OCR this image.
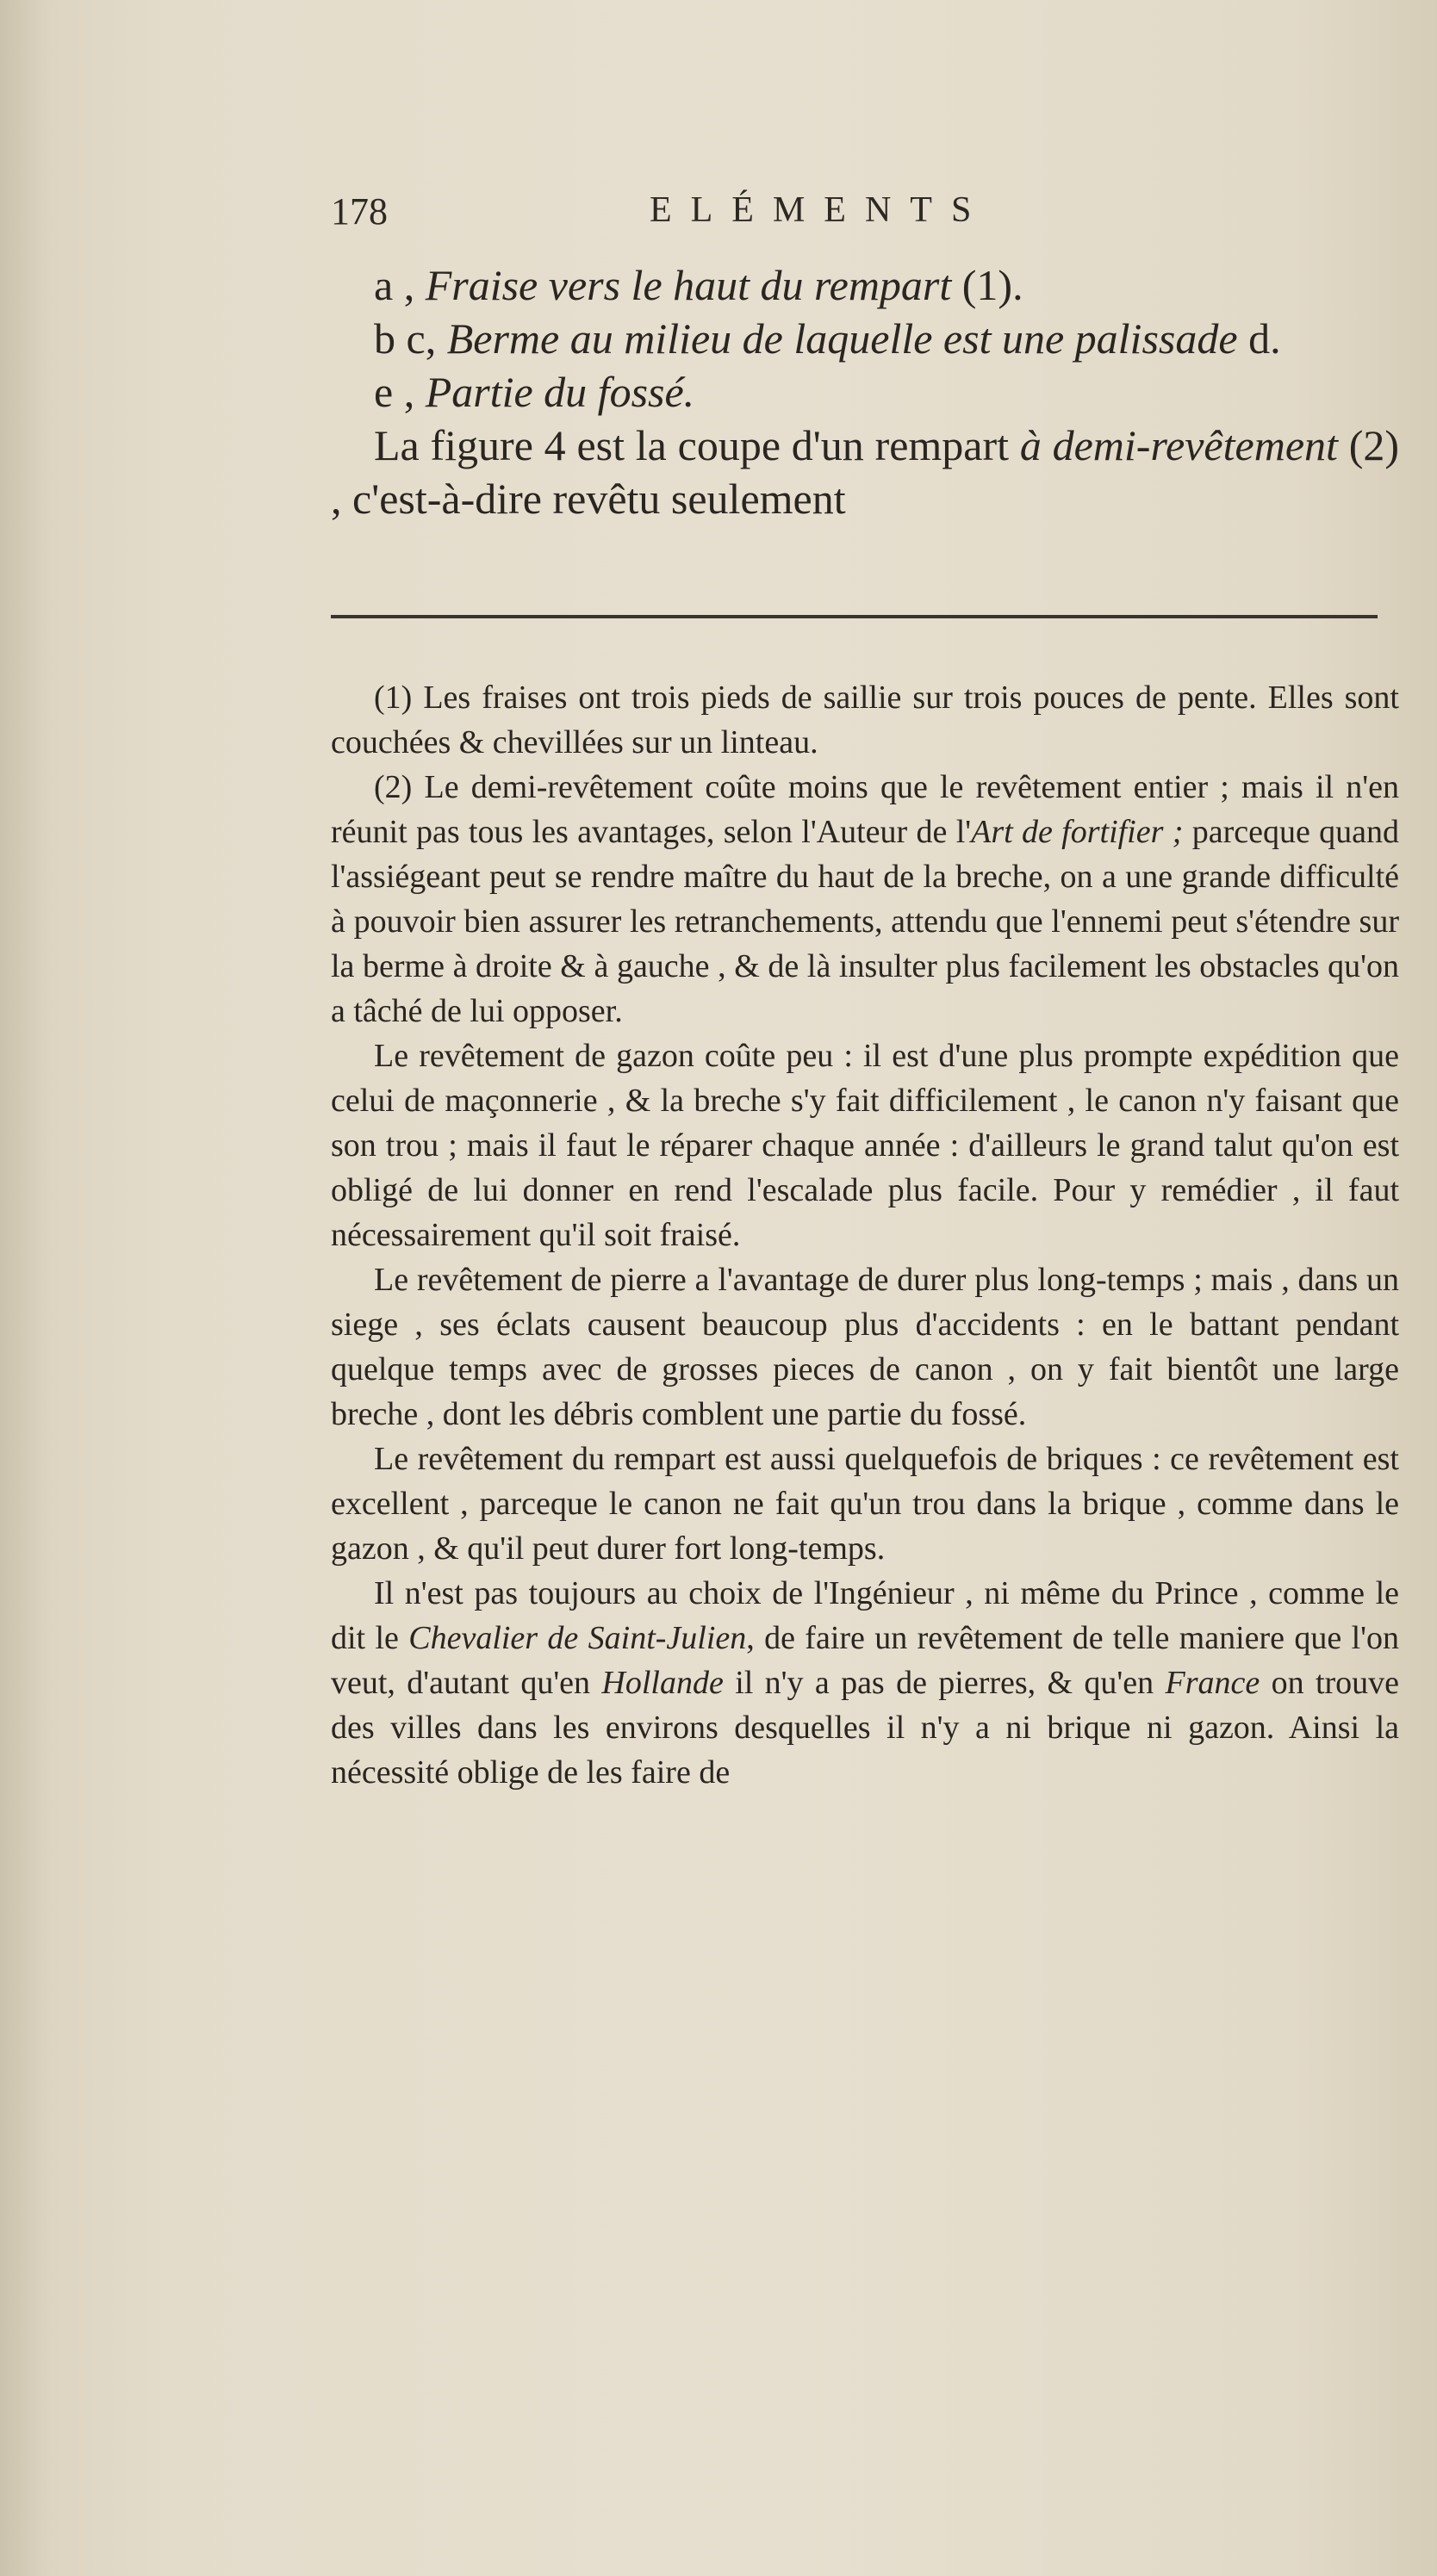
178	ELÉMENTS

a , Fraise vers le haut du rempart (1).

b c, Berme au milieu de laquelle est une palissade d.

e , Partie du fossé.

La figure 4 est la coupe d'un rempart à demi-revêtement (2) , c'est-à-dire revêtu seulement

(1) Les fraises ont trois pieds de saillie sur trois pouces de pente. Elles sont couchées & chevillées sur un linteau.

(2) Le demi-revêtement coûte moins que le revêtement entier ; mais il n'en réunit pas tous les avantages, selon l'Auteur de l'Art de fortifier ; parceque quand l'assiégeant peut se rendre maître du haut de la breche, on a une grande difficulté à pouvoir bien assurer les retranchements, attendu que l'ennemi peut s'étendre sur la berme à droite & à gauche , & de là insulter plus facilement les obstacles qu'on a tâché de lui opposer.

Le revêtement de gazon coûte peu : il est d'une plus prompte expédition que celui de maçonnerie , & la breche s'y fait difficilement , le canon n'y faisant que son trou ; mais il faut le réparer chaque année : d'ailleurs le grand talut qu'on est obligé de lui donner en rend l'escalade plus facile. Pour y remédier , il faut nécessairement qu'il soit fraisé.

Le revêtement de pierre a l'avantage de durer plus long-temps ; mais , dans un siege , ses éclats causent beaucoup plus d'accidents : en le battant pendant quelque temps avec de grosses pieces de canon , on y fait bientôt une large breche , dont les débris comblent une partie du fossé.

Le revêtement du rempart est aussi quelquefois de briques : ce revêtement est excellent , parceque le canon ne fait qu'un trou dans la brique , comme dans le gazon , & qu'il peut durer fort long-temps.

Il n'est pas toujours au choix de l'Ingénieur , ni même du Prince , comme le dit le Chevalier de Saint-Julien, de faire un revêtement de telle maniere que l'on veut, d'autant qu'en Hollande il n'y a pas de pierres, & qu'en France on trouve des villes dans les environs desquelles il n'y a ni brique ni gazon. Ainsi la nécessité oblige de les faire de
